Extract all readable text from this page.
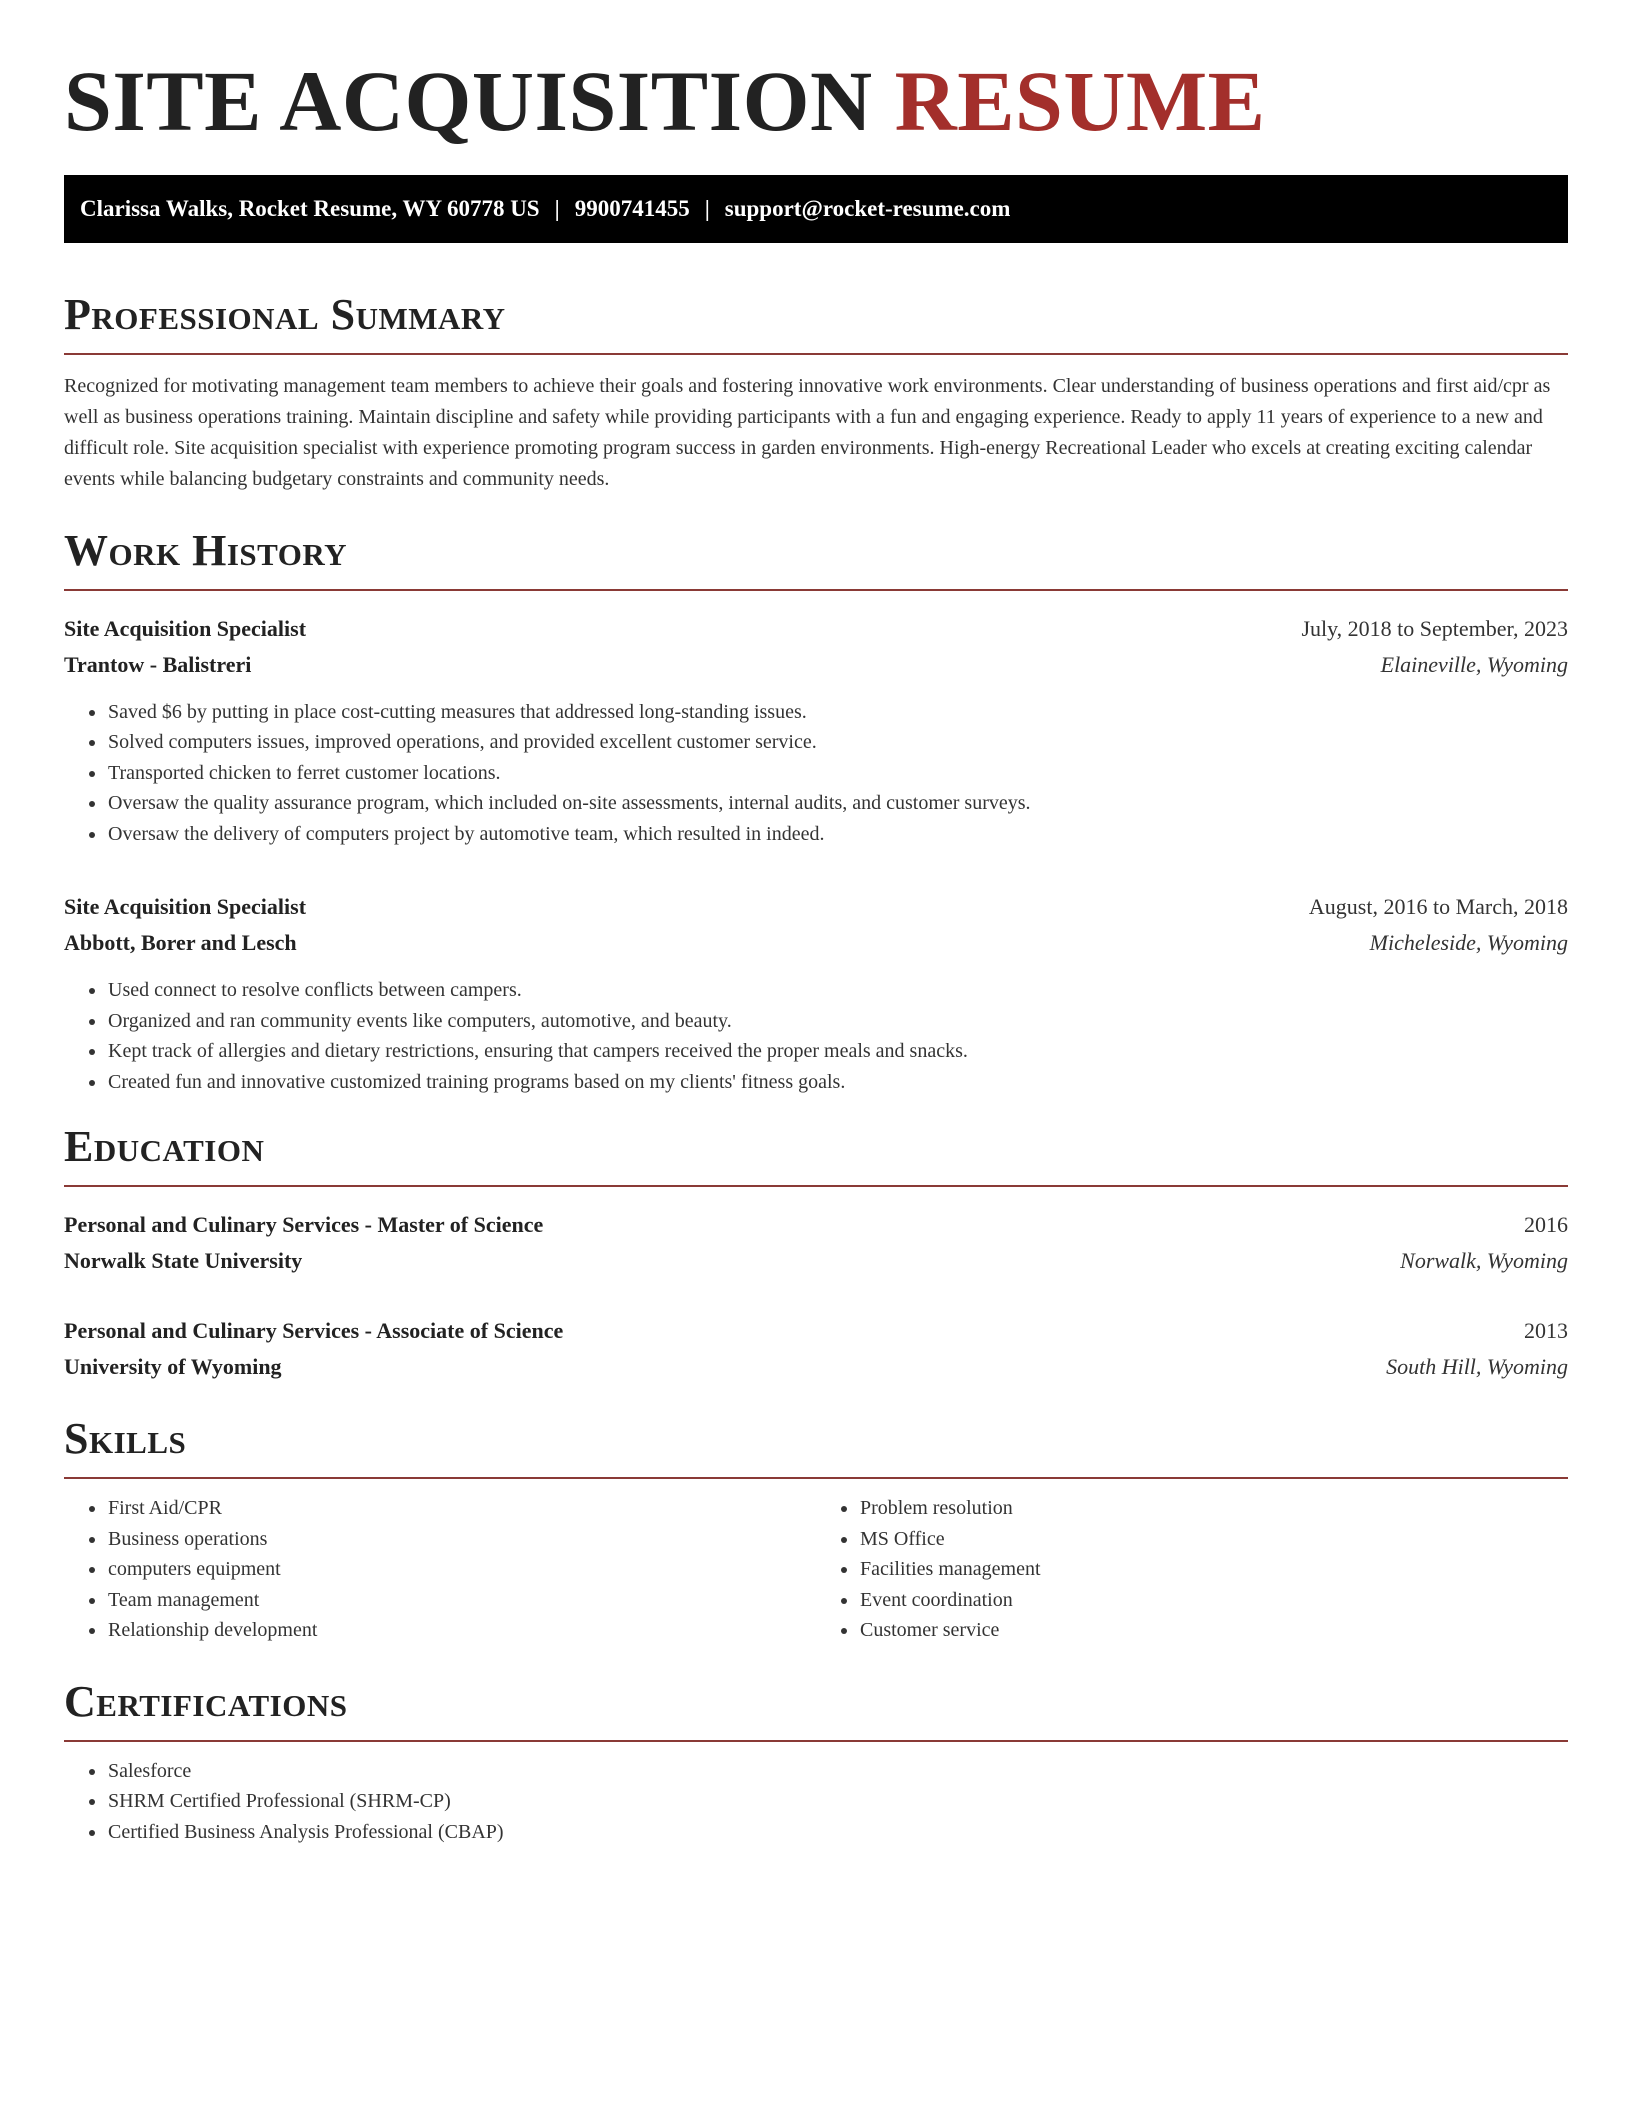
SITE ACQUISITION RESUME
Clarissa Walks, Rocket Resume, WY 60778 US | 9900741455 | support@rocket-resume.com
Professional Summary

Recognized for motivating management team members to achieve their goals and fostering innovative work environments. Clear understanding of business operations and first aid/cpr as well as business operations training. Maintain discipline and safety while providing participants with a fun and engaging experience. Ready to apply 11 years of experience to a new and difficult role. Site acquisition specialist with experience promoting program success in garden environments. High-energy Recreational Leader who excels at creating exciting calendar events while balancing budgetary constraints and community needs.

Work History
Site Acquisition Specialist	July, 2018 to September, 2023
Trantow - Balistreri	Elaineville, Wyoming
• Saved $6 by putting in place cost-cutting measures that addressed long-standing issues.
• Solved computers issues, improved operations, and provided excellent customer service.
• Transported chicken to ferret customer locations.
• Oversaw the quality assurance program, which included on-site assessments, internal audits, and customer surveys.
• Oversaw the delivery of computers project by automotive team, which resulted in indeed.
Site Acquisition Specialist	August, 2016 to March, 2018
Abbott, Borer and Lesch	Micheleside, Wyoming
• Used connect to resolve conflicts between campers.
• Organized and ran community events like computers, automotive, and beauty.
• Kept track of allergies and dietary restrictions, ensuring that campers received the proper meals and snacks.
• Created fun and innovative customized training programs based on my clients' fitness goals.
Education
Personal and Culinary Services - Master of Science	2016
Norwalk State University	Norwalk, Wyoming
Personal and Culinary Services - Associate of Science	2013
University of Wyoming	South Hill, Wyoming
Skills
• First Aid/CPR
• Business operations
• computers equipment
• Team management
• Relationship development
• Problem resolution
• MS Office
• Facilities management
• Event coordination
• Customer service
Certifications
• Salesforce
• SHRM Certified Professional (SHRM-CP)
• Certified Business Analysis Professional (CBAP)
